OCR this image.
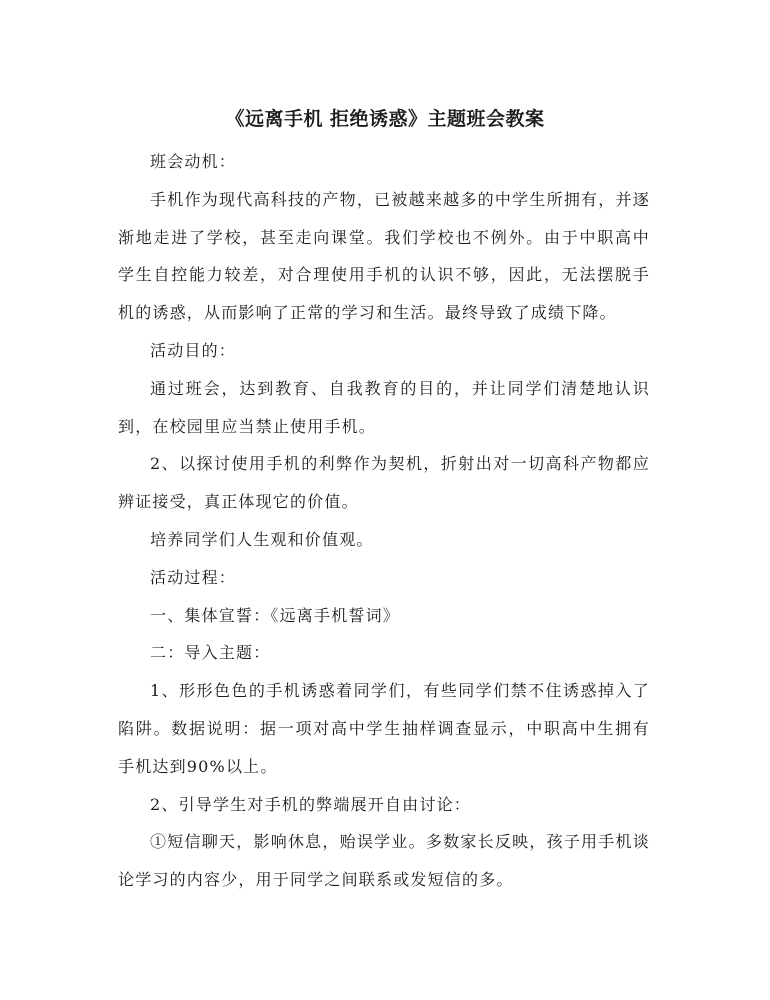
《远离手机 拒绝诱惑》主题班会教案

班会动机：

手机作为现代高科技的产物，已被越来越多的中学生所拥有，并逐渐地走进了学校，甚至走向课堂。我们学校也不例外。由于中职高中学生自控能力较差，对合理使用手机的认识不够，因此，无法摆脱手机的诱惑，从而影响了正常的学习和生活。最终导致了成绩下降。

活动目的：

通过班会，达到教育、自我教育的目的，并让同学们清楚地认识到，在校园里应当禁止使用手机。

2、以探讨使用手机的利弊作为契机，折射出对一切高科产物都应辨证接受，真正体现它的价值。

培养同学们人生观和价值观。

活动过程：

一、集体宣誓：《远离手机誓词》

二：导入主题：

1、形形色色的手机诱惑着同学们，有些同学们禁不住诱惑掉入了陷阱。数据说明：据一项对高中学生抽样调查显示，中职高中生拥有手机达到90%以上。

2、引导学生对手机的弊端展开自由讨论：

①短信聊天，影响休息，贻误学业。多数家长反映，孩子用手机谈论学习的内容少，用于同学之间联系或发短信的多。
